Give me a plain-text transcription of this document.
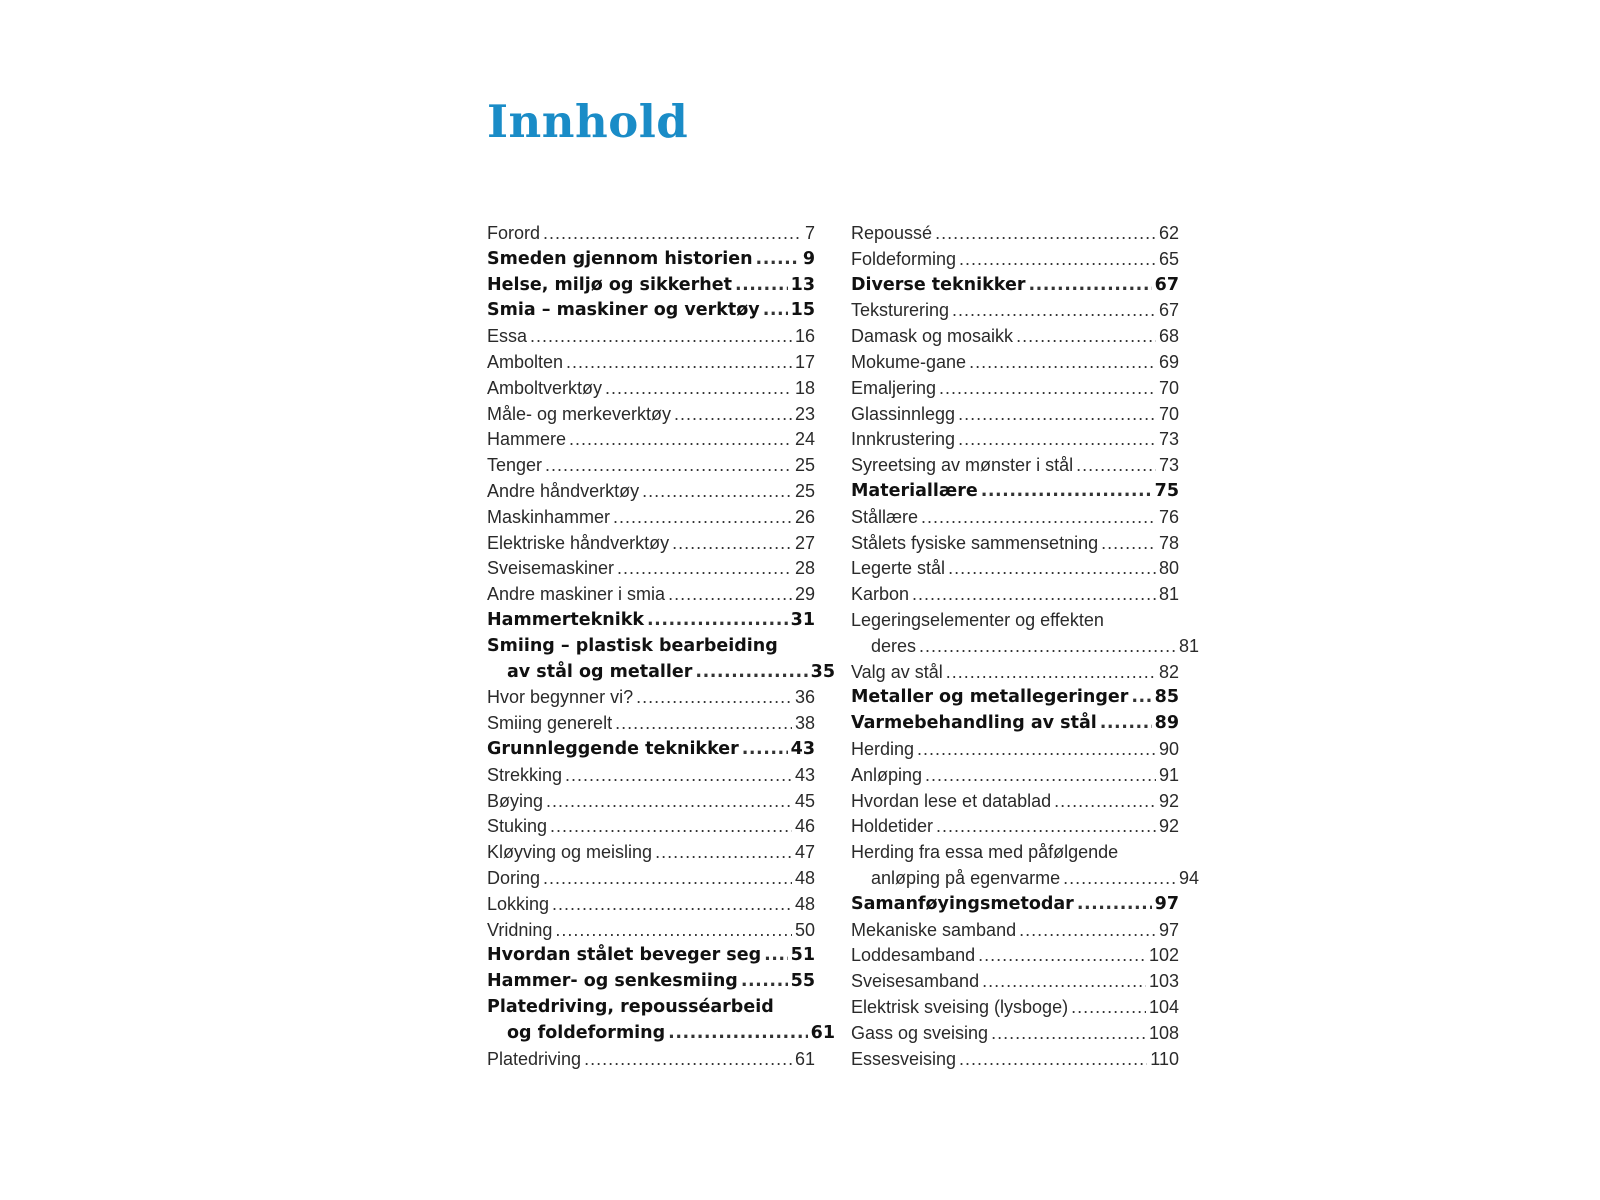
Innhold
Forord .....	7
Smeden gjennom historien .....	9
Helse, miljø og sikkerhet .....	13
Smia – maskiner og verktøy ..... 15
Essa .....	16
Ambolten .....	17
Amboltverktøy .....	18
Måle- og merkeverktøy .....	23
Hammere .....	24
Tenger .....	25
Andre håndverktøy .....	25
Maskinhammer .....	26
Elektriske håndverktøy .....	27
Sveisemaskiner .....	28
Andre maskiner i smia .....	29
Hammerteknikk .....	31
Smiing – plastisk bearbeiding
av stål og metaller .....	35
Hvor begynner vi? .....	36
Smiing generelt .....	38
Grunnleggende teknikker .....	43
Strekking .....	43
Bøying .....	45
Stuking .....	46
Kløyving og meisling .....	47
Doring .....	48
Lokking .....	48
Vridning .....	50
Hvordan stålet beveger seg ..... 51
Hammer- og senkesmiing .....	55
Platedriving, repousséarbeid
og foldeforming .....	61
Platedriving .....	61
Repoussé .....	62
Foldeforming .....	65
Diverse teknikker .....	67
Teksturering .....	67
Damask og mosaikk .....	68
Mokume-gane .....	69
Emaljering .....	70
Glassinnlegg .....	70
Innkrustering .....	73
Syreetsing av mønster i stål .....	73
Materiallære .....	75
Stållære .....	76
Stålets fysiske sammensetning .....	78
Legerte stål .....	80
Karbon .....	81
Legeringselementer og effekten
deres .....	81
Valg av stål .....	82
Metaller og metallegeringer ..... 85
Varmebehandling av stål .....	89
Herding .....	90
Anløping .....	91
Hvordan lese et datablad .....	92
Holdetider .....	92
Herding fra essa med påfølgende
anløping på egenvarme .....	94
Samanføyingsmetodar .....	97
Mekaniske samband .....	97
Loddesamband .....	102
Sveisesamband .....	103
Elektrisk sveising (lysboge) .....	104
Gass og sveising .....	108
Essesveising .....	110
